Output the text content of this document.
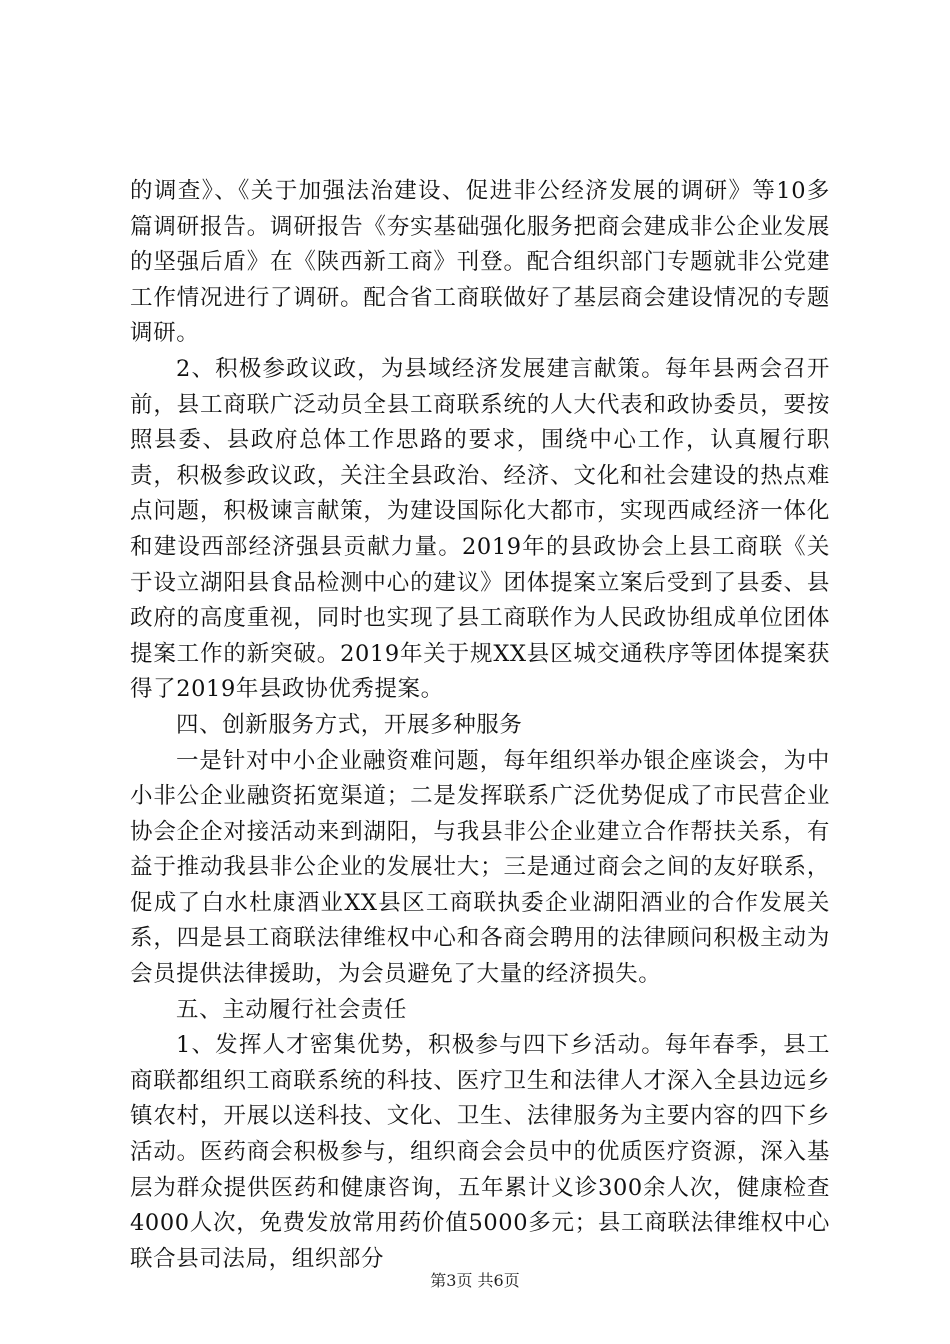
的调查》、《关于加强法治建设、促进非公经济发展的调研》等10多篇调研报告。调研报告《夯实基础强化服务把商会建成非公企业发展的坚强后盾》在《陕西新工商》刊登。配合组织部门专题就非公党建工作情况进行了调研。配合省工商联做好了基层商会建设情况的专题调研。

2、积极参政议政，为县域经济发展建言献策。每年县两会召开前，县工商联广泛动员全县工商联系统的人大代表和政协委员，要按照县委、县政府总体工作思路的要求，围绕中心工作，认真履行职责，积极参政议政，关注全县政治、经济、文化和社会建设的热点难点问题，积极谏言献策，为建设国际化大都市，实现西咸经济一体化和建设西部经济强县贡献力量。2019年的县政协会上县工商联《关于设立湖阳县食品检测中心的建议》团体提案立案后受到了县委、县政府的高度重视，同时也实现了县工商联作为人民政协组成单位团体提案工作的新突破。2019年关于规XX县区城交通秩序等团体提案获得了2019年县政协优秀提案。

四、创新服务方式，开展多种服务

一是针对中小企业融资难问题，每年组织举办银企座谈会，为中小非公企业融资拓宽渠道；二是发挥联系广泛优势促成了市民营企业协会企企对接活动来到湖阳，与我县非公企业建立合作帮扶关系，有益于推动我县非公企业的发展壮大；三是通过商会之间的友好联系，促成了白水杜康酒业XX县区工商联执委企业湖阳酒业的合作发展关系，四是县工商联法律维权中心和各商会聘用的法律顾问积极主动为会员提供法律援助，为会员避免了大量的经济损失。

五、主动履行社会责任

1、发挥人才密集优势，积极参与四下乡活动。每年春季，县工商联都组织工商联系统的科技、医疗卫生和法律人才深入全县边远乡镇农村，开展以送科技、文化、卫生、法律服务为主要内容的四下乡活动。医药商会积极参与，组织商会会员中的优质医疗资源，深入基层为群众提供医药和健康咨询，五年累计义诊300余人次，健康检查4000人次，免费发放常用药价值5000多元；县工商联法律维权中心联合县司法局，组织部分

第3页 共6页
